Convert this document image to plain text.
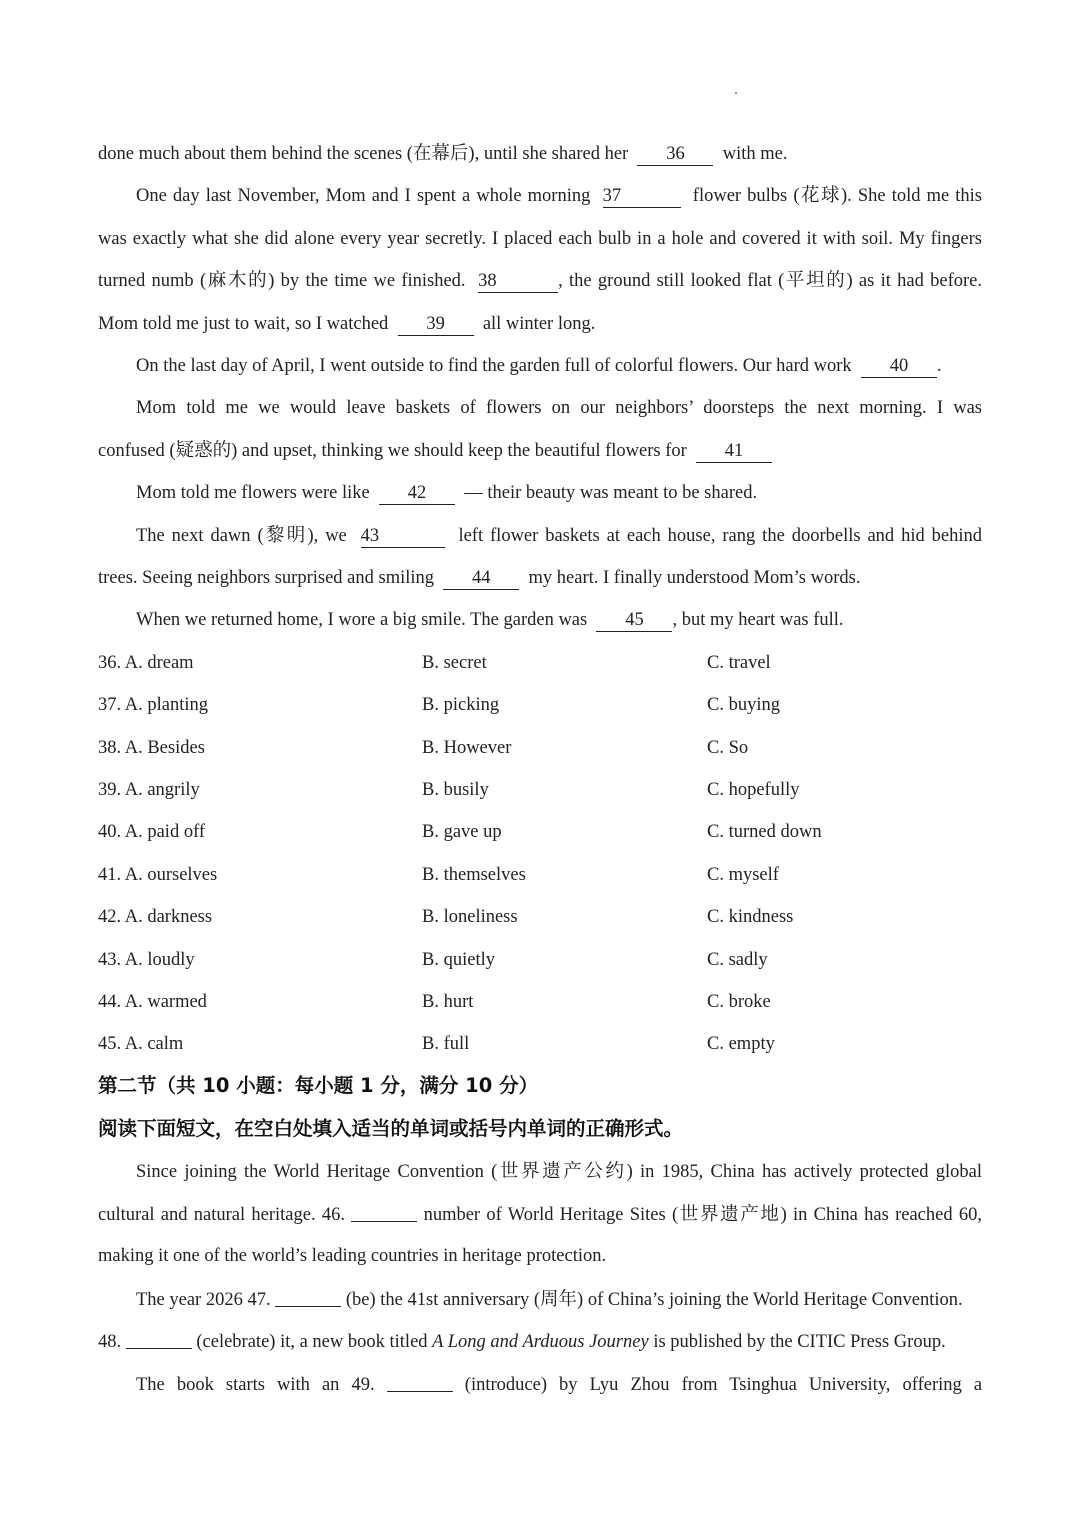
done much about them behind the scenes (在幕后), until she shared her 36 with me.
One day last November, Mom and I spent a whole morning 37	flower bulbs (花球). She told me this
was exactly what she did alone every year secretly. I placed each bulb in a hole and covered it with soil. My fingers
turned numb (麻木的) by the time we finished. 38	, the ground still looked flat (平坦的) as it had before.
Mom told me just to wait, so I watched 39 all winter long.
On the last day of April, I went outside to find the garden full of colorful flowers. Our hard work 40 .
Mom told me we would leave baskets of flowers on our neighbors’ doorsteps the next morning. I was
confused (疑惑的) and upset, thinking we should keep the beautiful flowers for 41
Mom told me flowers were like 42 — their beauty was meant to be shared.
The next dawn (黎明), we 43	left flower baskets at each house, rang the doorbells and hid behind
trees. Seeing neighbors surprised and smiling 44 my heart. I finally understood Mom’s words.
When we returned home, I wore a big smile. The garden was 45 , but my heart was full.
36. A. dream	B. secret	C. travel
37. A. planting	B. picking	C. buying
38. A. Besides	B. However	C. So
39. A. angrily	B. busily	C. hopefully
40. A. paid off	B. gave up	C. turned down
41. A. ourselves	B. themselves	C. myself
42. A. darkness	B. loneliness	C. kindness
43. A. loudly	B. quietly	C. sadly
44. A. warmed	B. hurt	C. broke
45. A. calm	B. full	C. empty
第二节（共 10 小题：每小题 1 分，满分 10 分）
阅读下面短文，在空白处填入适当的单词或括号内单词的正确形式。
Since joining the World Heritage Convention (世界遗产公约) in 1985, China has actively protected global
cultural and natural heritage. 46.	number of World Heritage Sites (世界遗产地) in China has reached 60,
making it one of the world’s leading countries in heritage protection.
The year 2026 47.	(be) the 41st anniversary (周年) of China’s joining the World Heritage Convention.
48.	(celebrate) it, a new book titled A Long and Arduous Journey is published by the CITIC Press Group.
The book starts with an 49.	(introduce) by Lyu Zhou from Tsinghua University, offering a
